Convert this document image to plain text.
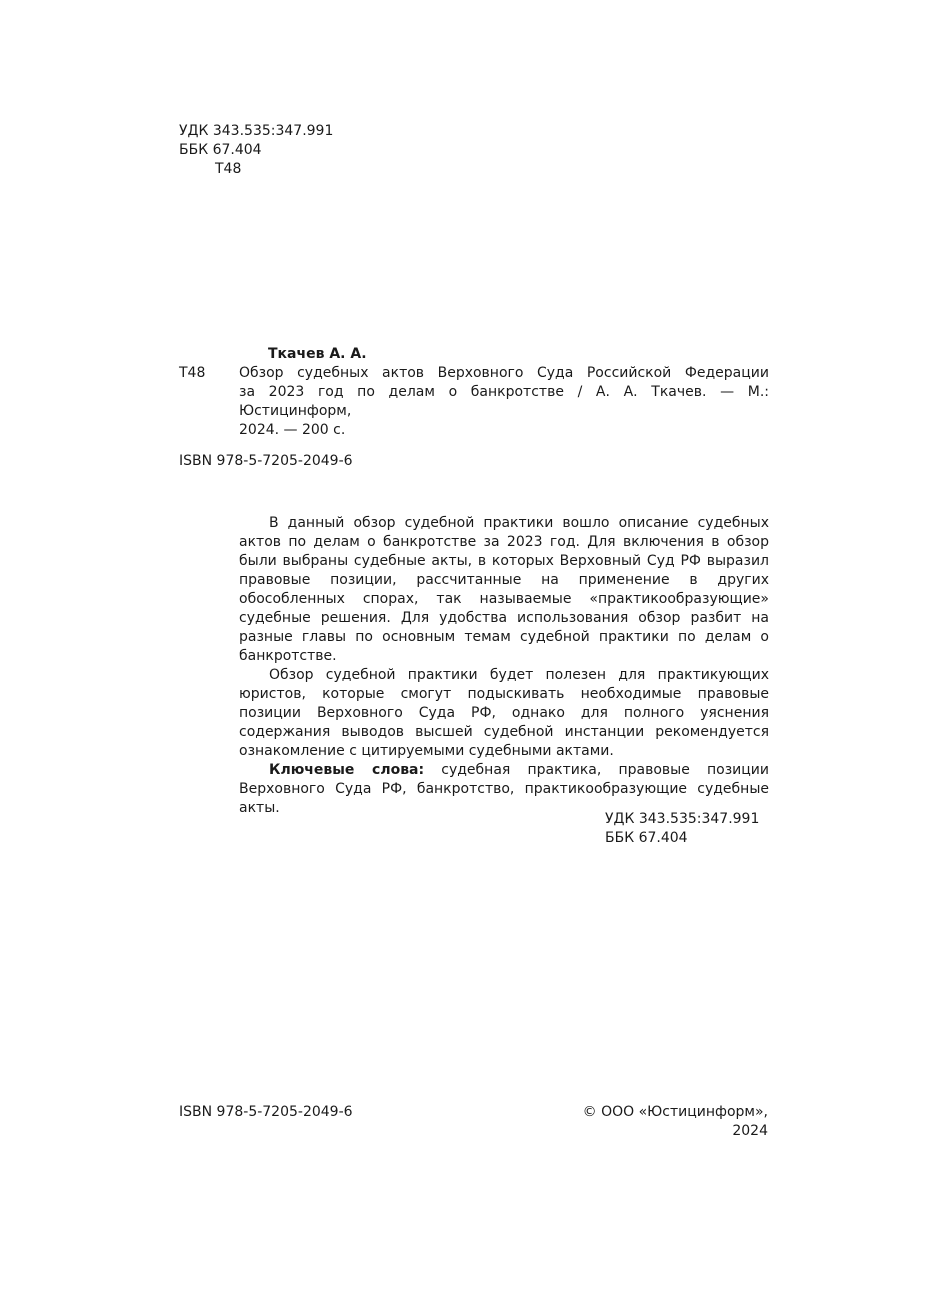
УДК 343.535:347.991
ББК 67.404
Т48
Ткачев А. А.
Т48 Обзор судебных актов Верховного Суда Российской Федерации
за 2023 год по делам о банкротстве / А. А. Ткачев. — М.: Юстицинформ,
2024. — 200 с.
ISBN 978-5-7205-2049-6

В данный обзор судебной практики вошло описание судебных актов по делам о банкротстве за 2023 год. Для включения в обзор были выбраны судебные акты, в которых Верховный Суд РФ выразил правовые позиции, рассчитанные на применение в других обособленных спорах, так называемые «практикообразующие» судебные решения. Для удобства использования обзор разбит на разные главы по основным темам судебной практики по делам о банкротстве.

Обзор судебной практики будет полезен для практикующих юристов, которые смогут подыскивать необходимые правовые позиции Верховного Суда РФ, однако для полного уяснения содержания выводов высшей судебной инстанции рекомендуется ознакомление с цитируемыми судебными актами.

Ключевые слова: судебная практика, правовые позиции Верховного Суда РФ, банкротство, практикообразующие судебные акты.

УДК 343.535:347.991
ББК 67.404
ISBN 978-5-7205-2049-6	© ООО «Юстицинформ», 2024
